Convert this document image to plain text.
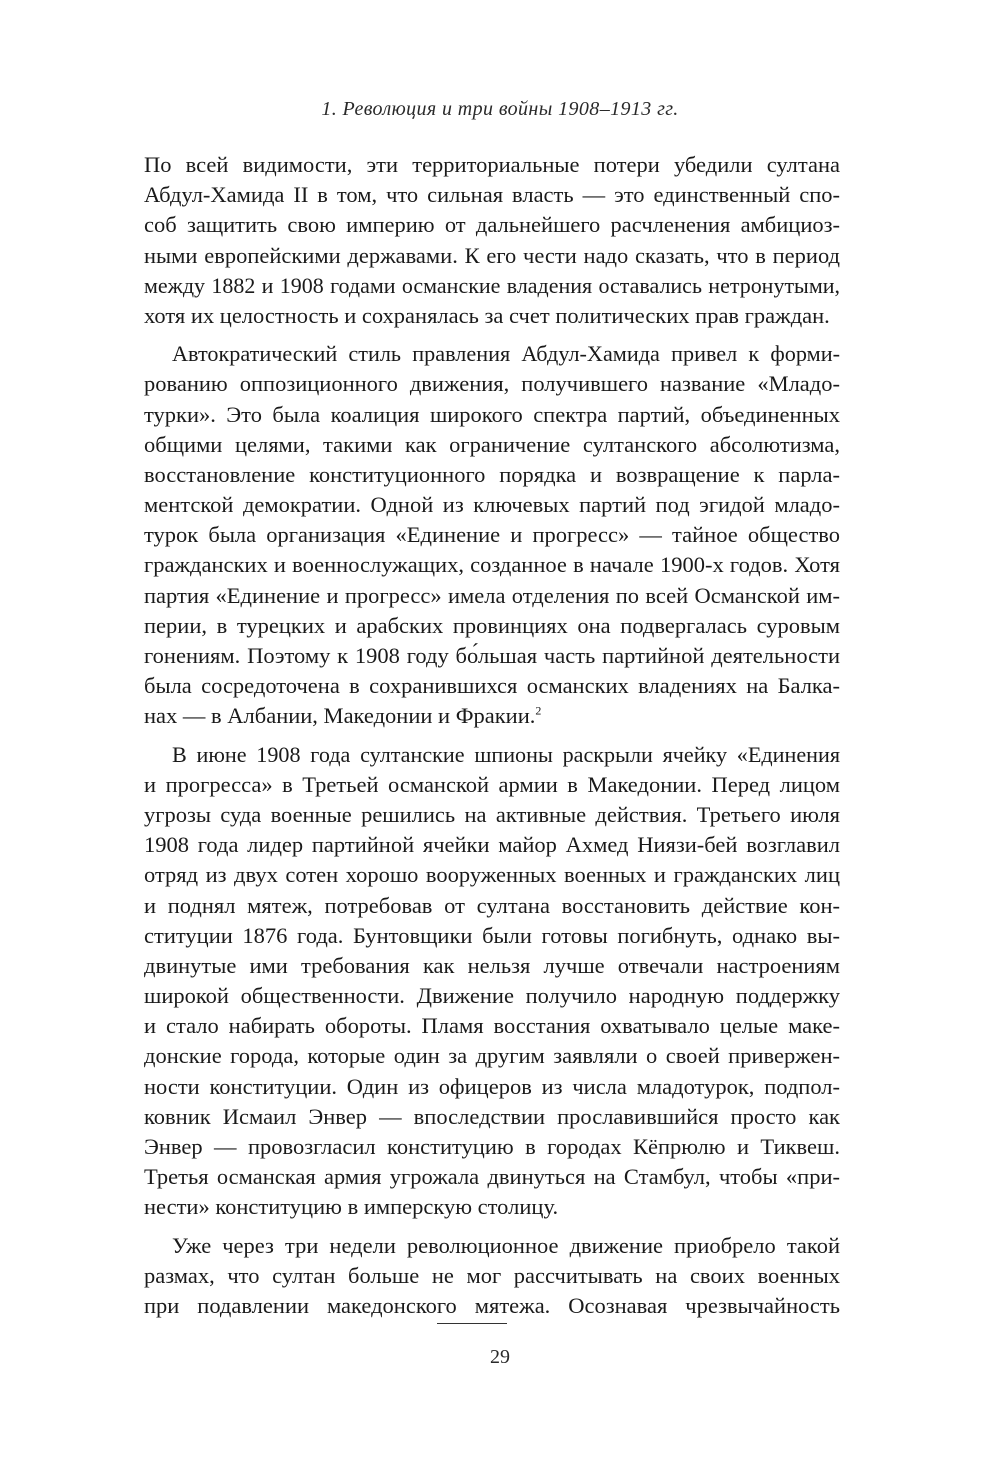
1. Революция и три войны 1908–1913 гг.
По всей видимости, эти территориальные потери убедили султана
Абдул-Хамида II в том, что сильная власть — это единственный спо-
соб защитить свою империю от дальнейшего расчленения амбициоз-
ными европейскими державами. К его чести надо сказать, что в период
между 1882 и 1908 годами османские владения оставались нетронутыми,
хотя их целостность и сохранялась за счет политических прав граждан.
Автократический стиль правления Абдул-Хамида привел к форми-
рованию оппозиционного движения, получившего название «Младо-
турки». Это была коалиция широкого спектра партий, объединенных
общими целями, такими как ограничение султанского абсолютизма,
восстановление конституционного порядка и возвращение к парла-
ментской демократии. Одной из ключевых партий под эгидой младо-
турок была организация «Единение и прогресс» — тайное общество
гражданских и военнослужащих, созданное в начале 1900-х годов. Хотя
партия «Единение и прогресс» имела отделения по всей Османской им-
перии, в турецких и арабских провинциях она подвергалась суровым
гонениям. Поэтому к 1908 году бо́льшая часть партийной деятельности
была сосредоточена в сохранившихся османских владениях на Балка-
нах — в Албании, Македонии и Фракии.$^2$
В июне 1908 года султанские шпионы раскрыли ячейку «Единения
и прогресса» в Третьей османской армии в Македонии. Перед лицом
угрозы суда военные решились на активные действия. Третьего июля
1908 года лидер партийной ячейки майор Ахмед Ниязи-бей возглавил
отряд из двух сотен хорошо вооруженных военных и гражданских лиц
и поднял мятеж, потребовав от султана восстановить действие кон-
ституции 1876 года. Бунтовщики были готовы погибнуть, однако вы-
двинутые ими требования как нельзя лучше отвечали настроениям
широкой общественности. Движение получило народную поддержку
и стало набирать обороты. Пламя восстания охватывало целые маке-
донские города, которые один за другим заявляли о своей привержен-
ности конституции. Один из офицеров из числа младотурок, подпол-
ковник Исмаил Энвер — впоследствии прославившийся просто как
Энвер — провозгласил конституцию в городах Кёпрюлю и Тиквеш.
Третья османская армия угрожала двинуться на Стамбул, чтобы «при-
нести» конституцию в имперскую столицу.
Уже через три недели революционное движение приобрело такой
размах, что султан больше не мог рассчитывать на своих военных
при подавлении македонского мятежа. Осознавая чрезвычайность
29
